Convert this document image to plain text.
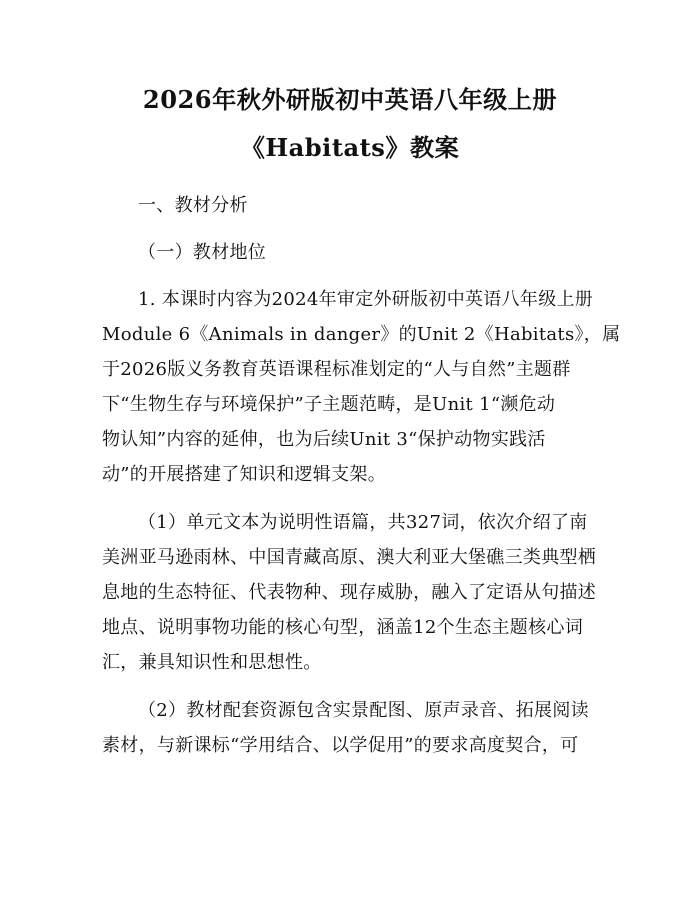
2026年秋外研版初中英语八年级上册
《Habitats》教案
一、教材分析
（一）教材地位
1. 本课时内容为2024年审定外研版初中英语八年级上册
Module 6《Animals in danger》的Unit 2《Habitats》，属
于2026版义务教育英语课程标准划定的“人与自然”主题群
下“生物生存与环境保护”子主题范畴，是Unit 1“濒危动
物认知”内容的延伸，也为后续Unit 3“保护动物实践活
动”的开展搭建了知识和逻辑支架。
（1）单元文本为说明性语篇，共327词，依次介绍了南
美洲亚马逊雨林、中国青藏高原、澳大利亚大堡礁三类典型栖
息地的生态特征、代表物种、现存威胁，融入了定语从句描述
地点、说明事物功能的核心句型，涵盖12个生态主题核心词
汇，兼具知识性和思想性。
（2）教材配套资源包含实景配图、原声录音、拓展阅读
素材，与新课标“学用结合、以学促用”的要求高度契合，可
